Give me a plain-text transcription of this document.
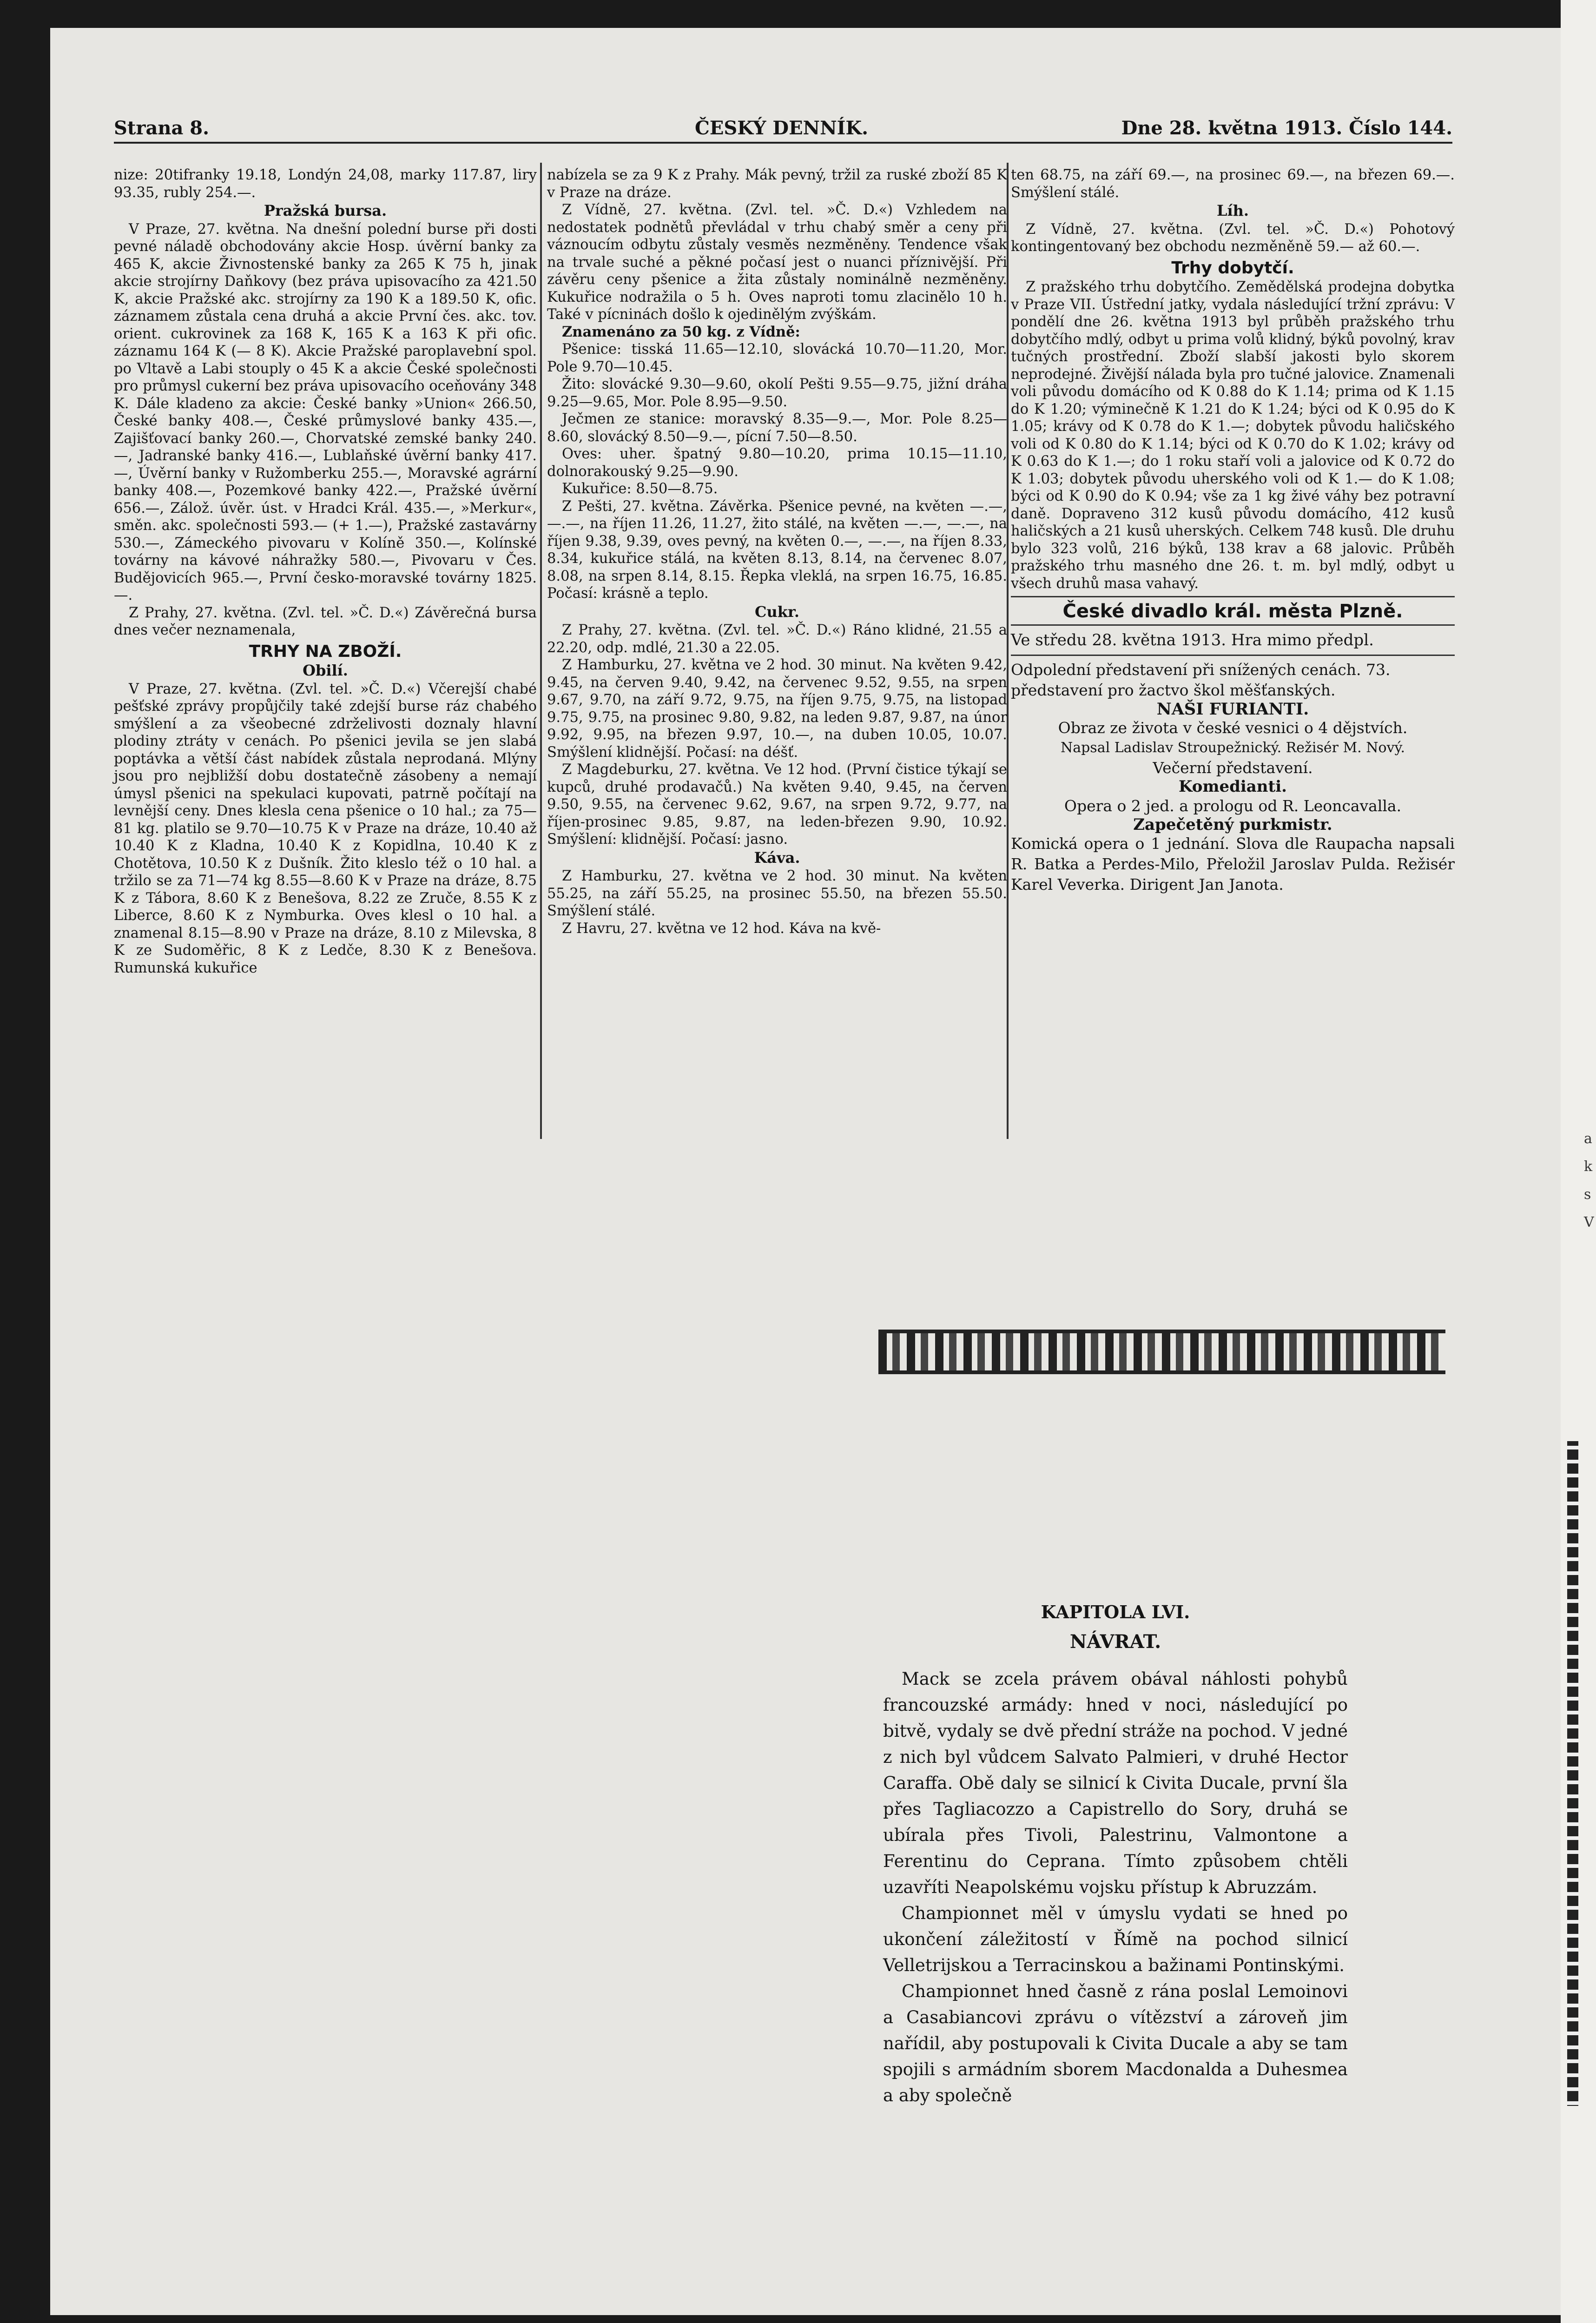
a k s V
Strana 8.	ČESKÝ DENNÍK.	Dne 28. května 1913. Číslo 144.

nize: 20tifranky 19.18, Londýn 24,08, marky 117.87, liry 93.35, rubly 254.—.

Pražská bursa.

V Praze, 27. května. Na dnešní polední burse při dosti pevné náladě obchodovány akcie Hosp. úvěrní banky za 465 K, akcie Živnostenské banky za 265 K 75 h, jinak akcie strojírny Daňkovy (bez práva upisovacího za 421.50 K, akcie Pražské akc. strojírny za 190 K a 189.50 K, ofic. záznamem zůstala cena druhá a akcie První čes. akc. tov. orient. cukrovinek za 168 K, 165 K a 163 K při ofic. záznamu 164 K (— 8 K). Akcie Pražské paroplavební spol. po Vltavě a Labi stouply o 45 K a akcie České společnosti pro průmysl cukerní bez práva upisovacího oceňovány 348 K. Dále kladeno za akcie: České banky »Union« 266.50, České banky 408.—, České průmyslové banky 435.—, Zajišťovací banky 260.—, Chorvatské zemské banky 240.—, Jadranské banky 416.—, Lublaňské úvěrní banky 417.—, Úvěrní banky v Ružomberku 255.—, Moravské agrární banky 408.—, Pozemkové banky 422.—, Pražské úvěrní 656.—, Zálož. úvěr. úst. v Hradci Král. 435.—, »Merkur«, směn. akc. společnosti 593.— (+ 1.—), Pražské zastavárny 530.—, Zámeckého pivovaru v Kolíně 350.—, Kolínské továrny na kávové náhražky 580.—, Pivovaru v Čes. Budějovicích 965.—, První česko-moravské továrny 1825.—.

Z Prahy, 27. května. (Zvl. tel. »Č. D.«) Závěrečná bursa dnes večer neznamenala,

TRHY NA ZBOŽÍ.
Obilí.

V Praze, 27. května. (Zvl. tel. »Č. D.«) Včerejší chabé pešťské zprávy propůjčily také zdejší burse ráz chabého smýšlení a za všeobecné zdrželivosti doznaly hlavní plodiny ztráty v cenách. Po pšenici jevila se jen slabá poptávka a větší část nabídek zůstala neprodaná. Mlýny jsou pro nejbližší dobu dostatečně zásobeny a nemají úmysl pšenici na spekulaci kupovati, patrně počítají na levnější ceny. Dnes klesla cena pšenice o 10 hal.; za 75—81 kg. platilo se 9.70—10.75 K v Praze na dráze, 10.40 až 10.40 K z Kladna, 10.40 K z Kopidlna, 10.40 K z Chotětova, 10.50 K z Dušník. Žito kleslo též o 10 hal. a tržilo se za 71—74 kg 8.55—8.60 K v Praze na dráze, 8.75 K z Tábora, 8.60 K z Benešova, 8.22 ze Zruče, 8.55 K z Liberce, 8.60 K z Nymburka. Oves klesl o 10 hal. a znamenal 8.15—8.90 v Praze na dráze, 8.10 z Milevska, 8 K ze Sudoměřic, 8 K z Ledče, 8.30 K z Benešova. Rumunská kukuřice

nabízela se za 9 K z Prahy. Mák pevný, tržil za ruské zboží 85 K v Praze na dráze.

Z Vídně, 27. května. (Zvl. tel. »Č. D.«) Vzhledem na nedostatek podnětů převládal v trhu chabý směr a ceny při váznoucím odbytu zůstaly vesměs nezměněny. Tendence však na trvale suché a pěkné počasí jest o nuanci příznivější. Při závěru ceny pšenice a žita zůstaly nominálně nezměněny. Kukuřice nodražila o 5 h. Oves naproti tomu zlacinělo 10 h. Také v pícninách došlo k ojedinělým zvýškám.

Znamenáno za 50 kg. z Vídně:

Pšenice: tisská 11.65—12.10, slovácká 10.70—11.20, Mor. Pole 9.70—10.45.

Žito: slovácké 9.30—9.60, okolí Pešti 9.55—9.75, jižní dráha 9.25—9.65, Mor. Pole 8.95—9.50.

Ječmen ze stanice: moravský 8.35—9.—, Mor. Pole 8.25—8.60, slovácký 8.50—9.—, pícní 7.50—8.50.

Oves: uher. špatný 9.80—10.20, prima 10.15—11.10, dolnorakouský 9.25—9.90.

Kukuřice: 8.50—8.75.

Z Pešti, 27. května. Závěrka. Pšenice pevné, na květen —.—, —.—, na říjen 11.26, 11.27, žito stálé, na květen —.—, —.—, na říjen 9.38, 9.39, oves pevný, na květen 0.—, —.—, na říjen 8.33, 8.34, kukuřice stálá, na květen 8.13, 8.14, na červenec 8.07, 8.08, na srpen 8.14, 8.15. Řepka vleklá, na srpen 16.75, 16.85. Počasí: krásně a teplo.

Cukr.

Z Prahy, 27. května. (Zvl. tel. »Č. D.«) Ráno klidné, 21.55 a 22.20, odp. mdlé, 21.30 a 22.05.

Z Hamburku, 27. května ve 2 hod. 30 minut. Na květen 9.42, 9.45, na červen 9.40, 9.42, na červenec 9.52, 9.55, na srpen 9.67, 9.70, na září 9.72, 9.75, na říjen 9.75, 9.75, na listopad 9.75, 9.75, na prosinec 9.80, 9.82, na leden 9.87, 9.87, na únor 9.92, 9.95, na březen 9.97, 10.—, na duben 10.05, 10.07. Smýšlení klidnější. Počasí: na déšť.

Z Magdeburku, 27. května. Ve 12 hod. (První čistice týkají se kupců, druhé prodavačů.) Na květen 9.40, 9.45, na červen 9.50, 9.55, na červenec 9.62, 9.67, na srpen 9.72, 9.77, na říjen-prosinec 9.85, 9.87, na leden-březen 9.90, 10.92. Smýšlení: klidnější. Počasí: jasno.

Káva.

Z Hamburku, 27. května ve 2 hod. 30 minut. Na květen 55.25, na září 55.25, na prosinec 55.50, na březen 55.50. Smýšlení stálé.

Z Havru, 27. května ve 12 hod. Káva na kvě-

ten 68.75, na září 69.—, na prosinec 69.—, na březen 69.—. Smýšlení stálé.

Líh.

Z Vídně, 27. května. (Zvl. tel. »Č. D.«) Pohotový kontingentovaný bez obchodu nezměněně 59.— až 60.—.

Trhy dobytčí.

Z pražského trhu dobytčího. Zemědělská prodejna dobytka v Praze VII. Ústřední jatky, vydala následující tržní zprávu: V pondělí dne 26. května 1913 byl průběh pražského trhu dobytčího mdlý, odbyt u prima volů klidný, býků povolný, krav tučných prostřední. Zboží slabší jakosti bylo skorem neprodejné. Živější nálada byla pro tučné jalovice. Znamenali voli původu domácího od K 0.88 do K 1.14; prima od K 1.15 do K 1.20; výminečně K 1.21 do K 1.24; býci od K 0.95 do K 1.05; krávy od K 0.78 do K 1.—; dobytek původu haličského voli od K 0.80 do K 1.14; býci od K 0.70 do K 1.02; krávy od K 0.63 do K 1.—; do 1 roku staří voli a jalovice od K 0.72 do K 1.03; dobytek původu uherského voli od K 1.— do K 1.08; býci od K 0.90 do K 0.94; vše za 1 kg živé váhy bez potravní daně. Dopraveno 312 kusů původu domácího, 412 kusů haličských a 21 kusů uherských. Celkem 748 kusů. Dle druhu bylo 323 volů, 216 býků, 138 krav a 68 jalovic. Průběh pražského trhu masného dne 26. t. m. byl mdlý, odbyt u všech druhů masa vahavý.

České divadlo král. města Plzně.
Ve středu 28. května 1913. Hra mimo předpl.
Odpolední představení při snížených cenách. 73. představení pro žactvo škol měšťanských.
NAŠI FURIANTI.
Obraz ze života v české vesnici o 4 dějstvích.
Napsal Ladislav Stroupežnický. Režisér M. Nový.
Večerní představení.
Komedianti.
Opera o 2 jed. a prologu od R. Leoncavalla.
Zapečetěný purkmistr.
Komická opera o 1 jednání. Slova dle Raupacha napsali R. Batka a Perdes-Milo, Přeložil Jaroslav Pulda. Režisér Karel Veverka. Dirigent Jan Janota.
KAPITOLA LVI.
NÁVRAT.

Mack se zcela právem obával náhlosti pohybů francouzské armády: hned v noci, následující po bitvě, vydaly se dvě přední stráže na pochod. V jedné z nich byl vůdcem Salvato Palmieri, v druhé Hector Caraffa. Obě daly se silnicí k Civita Ducale, první šla přes Tagliacozzo a Capistrello do Sory, druhá se ubírala přes Tivoli, Palestrinu, Valmontone a Ferentinu do Ceprana. Tímto způsobem chtěli uzavříti Neapolskému vojsku přístup k Abruzzám.

Championnet měl v úmyslu vydati se hned po ukončení záležitostí v Římě na pochod silnicí Velletrijskou a Terracinskou a bažinami Pontinskými.

Championnet hned časně z rána poslal Lemoinovi a Casabiancovi zprávu o vítězství a zároveň jim nařídil, aby postupovali k Civita Ducale a aby se tam spojili s armádním sborem Macdonalda a Duhesmea a aby společně
